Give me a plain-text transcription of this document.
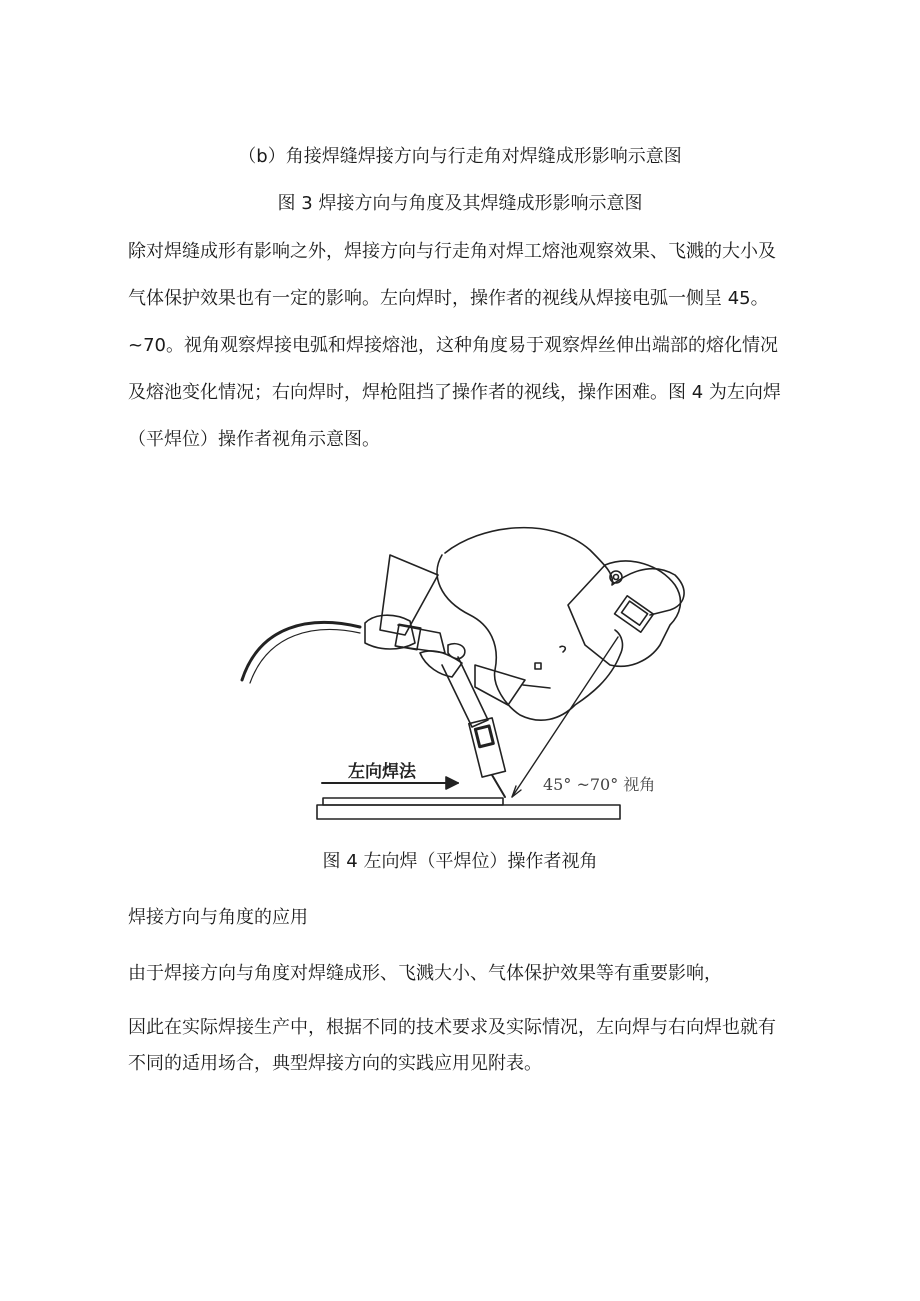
（b）角接焊缝焊接方向与行走角对焊缝成形影响示意图
图 3 焊接方向与角度及其焊缝成形影响示意图
除对焊缝成形有影响之外，焊接方向与行走角对焊工熔池观察效果、飞溅的大小及
气体保护效果也有一定的影响。左向焊时，操作者的视线从焊接电弧一侧呈 45。
~70。视角观察焊接电弧和焊接熔池，这种角度易于观察焊丝伸出端部的熔化情况
及熔池变化情况；右向焊时，焊枪阻挡了操作者的视线，操作困难。图 4 为左向焊
（平焊位）操作者视角示意图。
左向焊法
45° ~70° 视角
图 4 左向焊（平焊位）操作者视角
焊接方向与角度的应用
由于焊接方向与角度对焊缝成形、飞溅大小、气体保护效果等有重要影响，
因此在实际焊接生产中，根据不同的技术要求及实际情况，左向焊与右向焊也就有
不同的适用场合，典型焊接方向的实践应用见附表。
